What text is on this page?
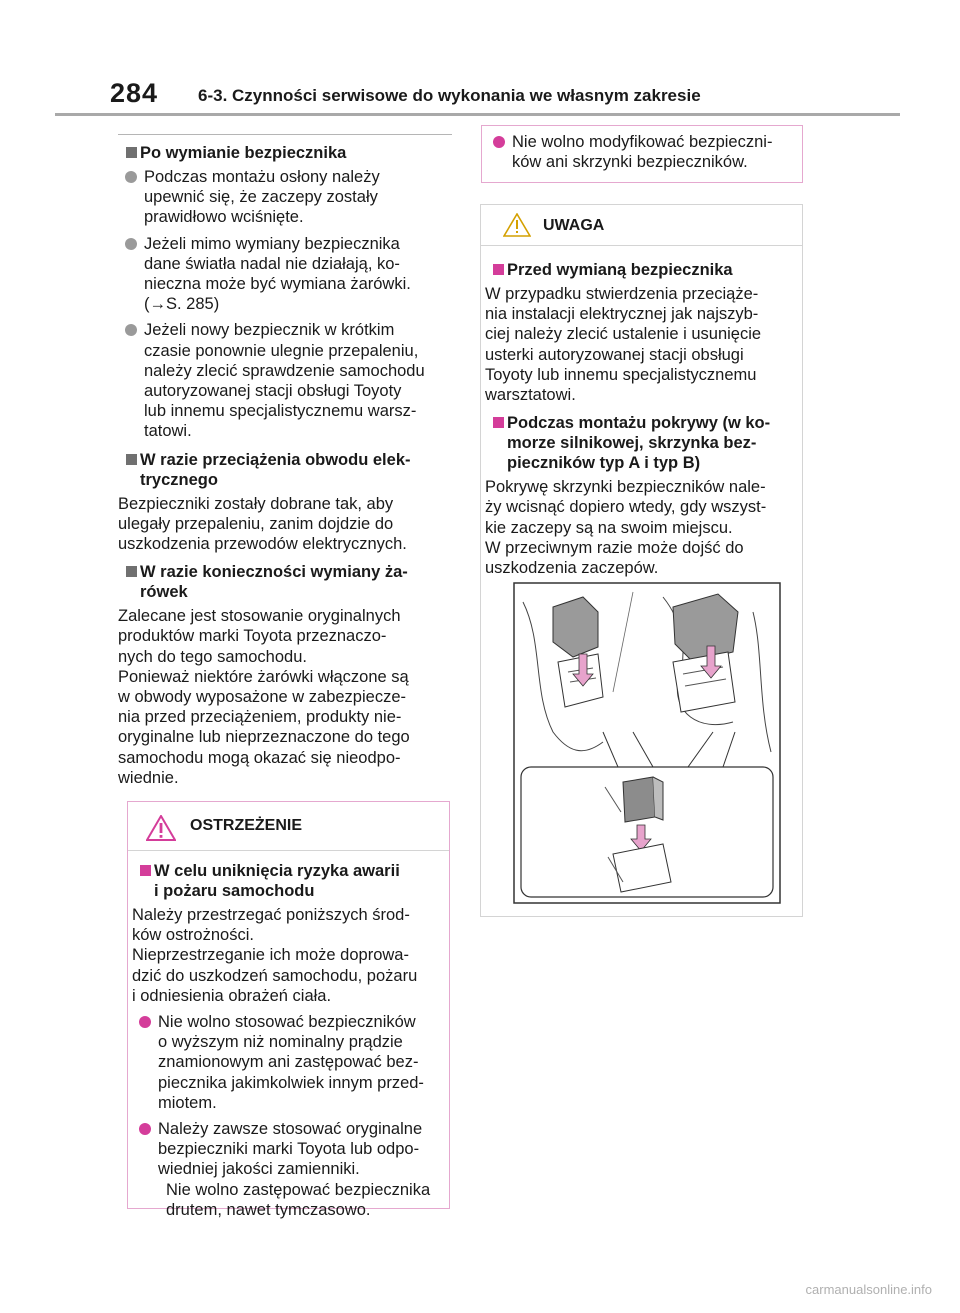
284 6-3. Czynności serwisowe do wykonania we własnym zakresie
Po wymianie bezpiecznika
Podczas montażu osłony należy
upewnić się, że zaczepy zostały
prawidłowo wciśnięte.
Jeżeli mimo wymiany bezpiecznika
dane światła nadal nie działają, ko-
nieczna może być wymiana żarówki.
(→S. 285)
Jeżeli nowy bezpiecznik w krótkim
czasie ponownie ulegnie przepaleniu,
należy zlecić sprawdzenie samochodu
autoryzowanej stacji obsługi Toyoty
lub innemu specjalistycznemu warsz-
tatowi.
W razie przeciążenia obwodu elek-
trycznego
Bezpieczniki zostały dobrane tak, aby
ulegały przepaleniu, zanim dojdzie do
uszkodzenia przewodów elektrycznych.
W razie konieczności wymiany ża-
rówek
Zalecane jest stosowanie oryginalnych
produktów marki Toyota przeznaczo-
nych do tego samochodu.
Ponieważ niektóre żarówki włączone są
w obwody wyposażone w zabezpiecze-
nia przed przeciążeniem, produkty nie-
oryginalne lub nieprzeznaczone do tego
samochodu mogą okazać się nieodpo-
wiednie.
OSTRZEŻENIE
W celu uniknięcia ryzyka awarii
i pożaru samochodu
Należy przestrzegać poniższych środ-
ków ostrożności.
Nieprzestrzeganie ich może doprowa-
dzić do uszkodzeń samochodu, pożaru
i odniesienia obrażeń ciała.
Nie wolno stosować bezpieczników
o wyższym niż nominalny prądzie
znamionowym ani zastępować bez-
piecznika jakimkolwiek innym przed-
miotem.
Należy zawsze stosować oryginalne
bezpieczniki marki Toyota lub odpo-
wiedniej jakości zamienniki.
Nie wolno zastępować bezpiecznika
drutem, nawet tymczasowo.
Nie wolno modyfikować bezpieczni-
ków ani skrzynki bezpieczników.
UWAGA
Przed wymianą bezpiecznika
W przypadku stwierdzenia przeciąże-
nia instalacji elektrycznej jak najszyb-
ciej należy zlecić ustalenie i usunięcie
usterki autoryzowanej stacji obsługi
Toyoty lub innemu specjalistycznemu
warsztatowi.
Podczas montażu pokrywy (w ko-
morze silnikowej, skrzynka bez-
pieczników typ A i typ B)
Pokrywę skrzynki bezpieczników nale-
ży wcisnąć dopiero wtedy, gdy wszyst-
kie zaczepy są na swoim miejscu.
W przeciwnym razie może dojść do
uszkodzenia zaczepów.
carmanualsonline.info
